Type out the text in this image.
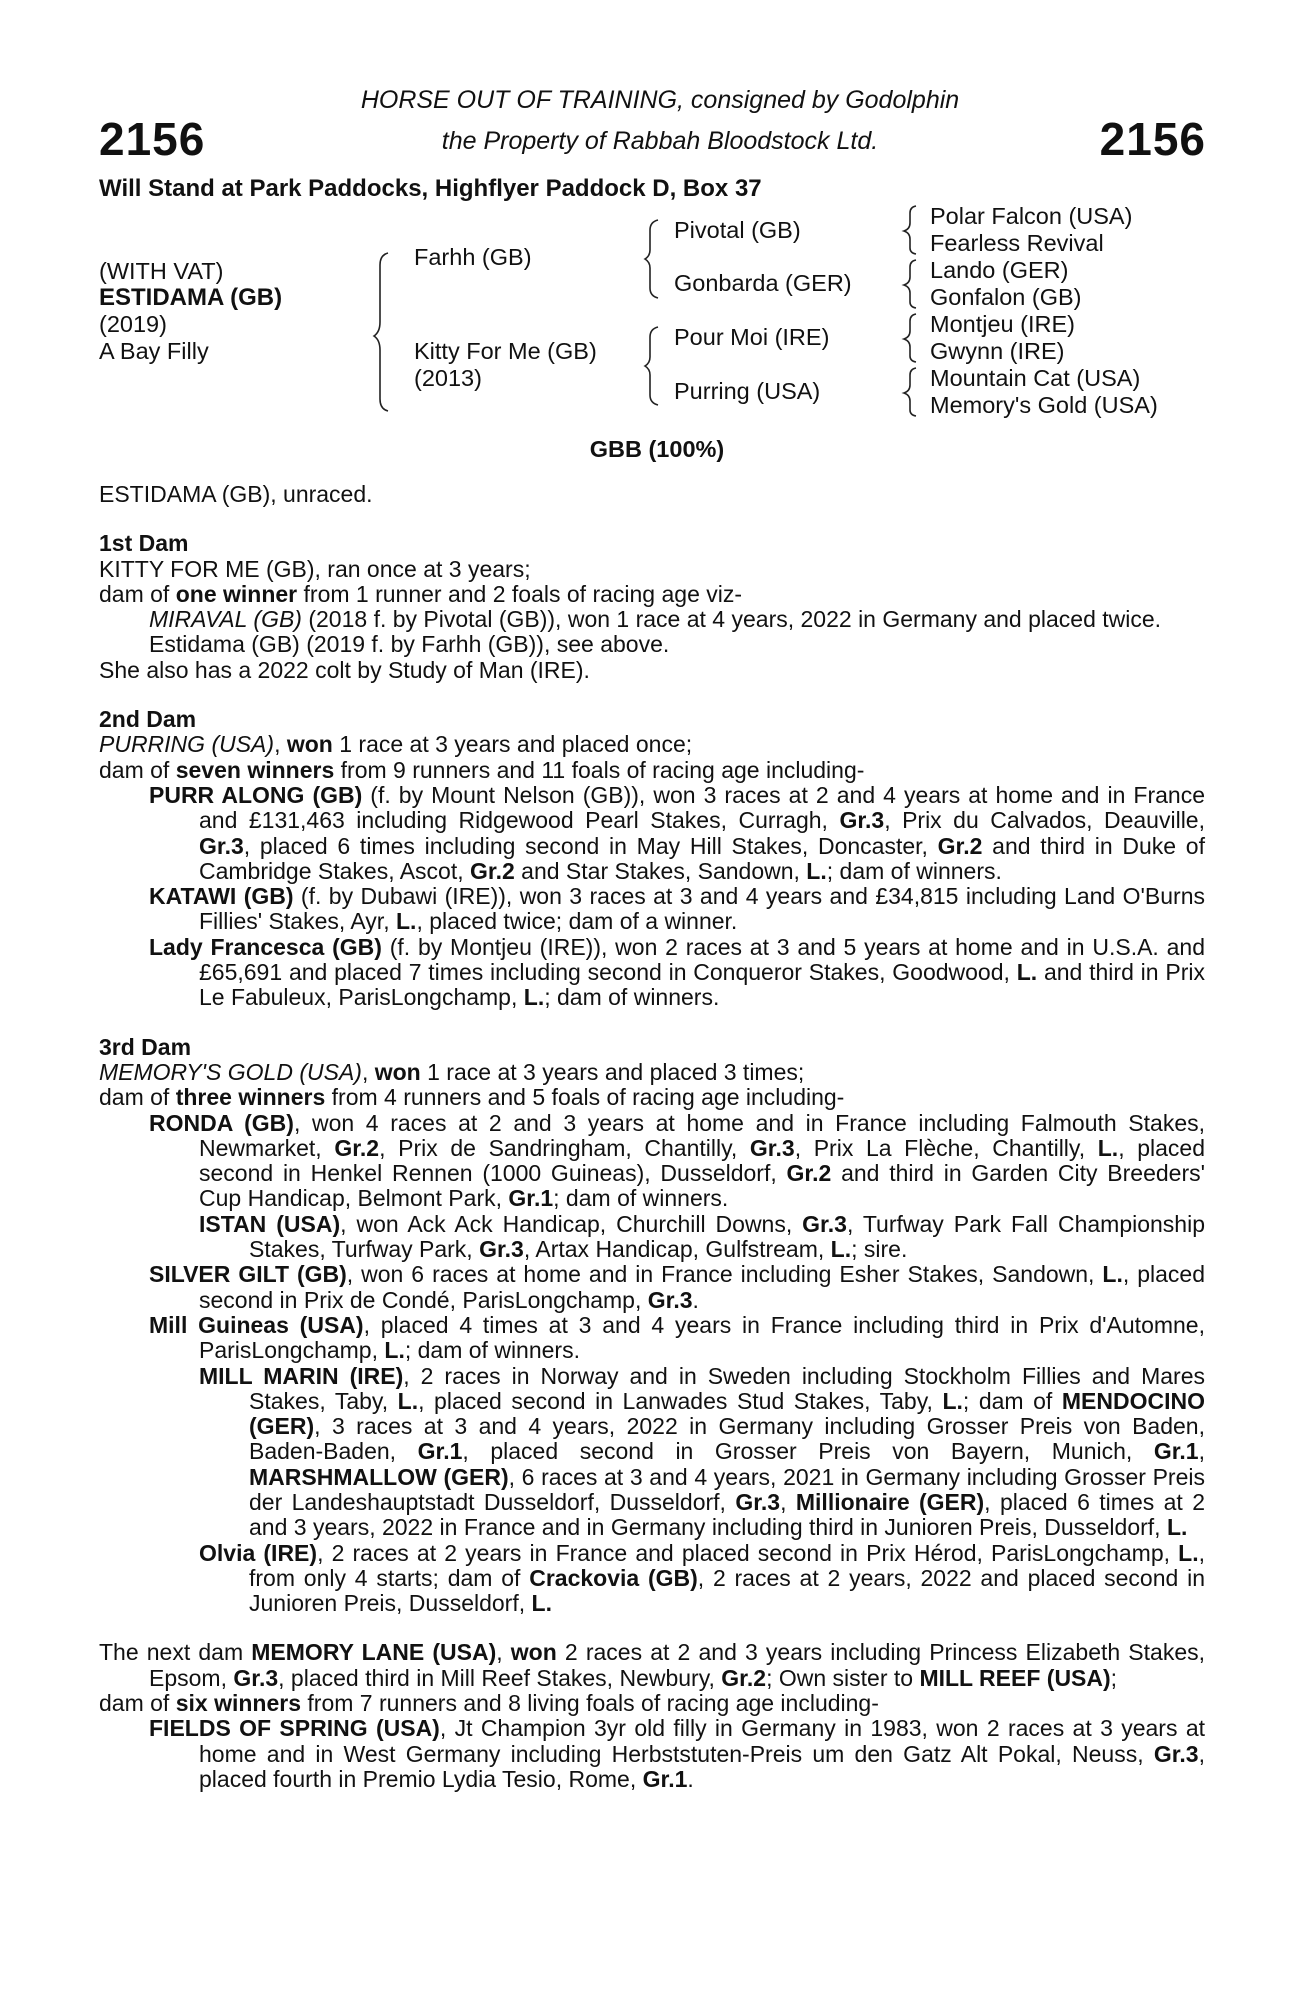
2156	2156
HORSE OUT OF TRAINING, consigned by Godolphin
the Property of Rabbah Bloodstock Ltd.
Will Stand at Park Paddocks, Highflyer Paddock D, Box 37
(WITH VAT)
ESTIDAMA (GB)
(2019)
A Bay Filly
Farhh (GB)
Kitty For Me (GB)
(2013)
Pivotal (GB)
Gonbarda (GER)
Pour Moi (IRE)
Purring (USA)
Polar Falcon (USA)
Fearless Revival
Lando (GER)
Gonfalon (GB)
Montjeu (IRE)
Gwynn (IRE)
Mountain Cat (USA)
Memory's Gold (USA)
GBB (100%)

ESTIDAMA (GB), unraced.

1st Dam

KITTY FOR ME (GB), ran once at 3 years;

dam of one winner from 1 runner and 2 foals of racing age viz-

MIRAVAL (GB) (2018 f. by Pivotal (GB)), won 1 race at 4 years, 2022 in Germany and placed twice.

Estidama (GB) (2019 f. by Farhh (GB)), see above.

She also has a 2022 colt by Study of Man (IRE).

2nd Dam

PURRING (USA), won 1 race at 3 years and placed once;

dam of seven winners from 9 runners and 11 foals of racing age including-

PURR ALONG (GB) (f. by Mount Nelson (GB)), won 3 races at 2 and 4 years at home and in France and £131,463 including Ridgewood Pearl Stakes, Curragh, Gr.3, Prix du Calvados, Deauville, Gr.3, placed 6 times including second in May Hill Stakes, Doncaster, Gr.2 and third in Duke of Cambridge Stakes, Ascot, Gr.2 and Star Stakes, Sandown, L.; dam of winners.

KATAWI (GB) (f. by Dubawi (IRE)), won 3 races at 3 and 4 years and £34,815 including Land O'Burns Fillies' Stakes, Ayr, L., placed twice; dam of a winner.

Lady Francesca (GB) (f. by Montjeu (IRE)), won 2 races at 3 and 5 years at home and in U.S.A. and £65,691 and placed 7 times including second in Conqueror Stakes, Goodwood, L. and third in Prix Le Fabuleux, ParisLongchamp, L.; dam of winners.

3rd Dam

MEMORY'S GOLD (USA), won 1 race at 3 years and placed 3 times;

dam of three winners from 4 runners and 5 foals of racing age including-

RONDA (GB), won 4 races at 2 and 3 years at home and in France including Falmouth Stakes, Newmarket, Gr.2, Prix de Sandringham, Chantilly, Gr.3, Prix La Flèche, Chantilly, L., placed second in Henkel Rennen (1000 Guineas), Dusseldorf, Gr.2 and third in Garden City Breeders' Cup Handicap, Belmont Park, Gr.1; dam of winners.

ISTAN (USA), won Ack Ack Handicap, Churchill Downs, Gr.3, Turfway Park Fall Championship Stakes, Turfway Park, Gr.3, Artax Handicap, Gulfstream, L.; sire.

SILVER GILT (GB), won 6 races at home and in France including Esher Stakes, Sandown, L., placed second in Prix de Condé, ParisLongchamp, Gr.3.

Mill Guineas (USA), placed 4 times at 3 and 4 years in France including third in Prix d'Automne, ParisLongchamp, L.; dam of winners.

MILL MARIN (IRE), 2 races in Norway and in Sweden including Stockholm Fillies and Mares Stakes, Taby, L., placed second in Lanwades Stud Stakes, Taby, L.; dam of MENDOCINO (GER), 3 races at 3 and 4 years, 2022 in Germany including Grosser Preis von Baden, Baden-Baden, Gr.1, placed second in Grosser Preis von Bayern, Munich, Gr.1, MARSHMALLOW (GER), 6 races at 3 and 4 years, 2021 in Germany including Grosser Preis der Landeshauptstadt Dusseldorf, Dusseldorf, Gr.3, Millionaire (GER), placed 6 times at 2 and 3 years, 2022 in France and in Germany including third in Junioren Preis, Dusseldorf, L.

Olvia (IRE), 2 races at 2 years in France and placed second in Prix Hérod, ParisLongchamp, L., from only 4 starts; dam of Crackovia (GB), 2 races at 2 years, 2022 and placed second in Junioren Preis, Dusseldorf, L.

The next dam MEMORY LANE (USA), won 2 races at 2 and 3 years including Princess Elizabeth Stakes, Epsom, Gr.3, placed third in Mill Reef Stakes, Newbury, Gr.2; Own sister to MILL REEF (USA);

dam of six winners from 7 runners and 8 living foals of racing age including-

FIELDS OF SPRING (USA), Jt Champion 3yr old filly in Germany in 1983, won 2 races at 3 years at home and in West Germany including Herbststuten-Preis um den Gatz Alt Pokal, Neuss, Gr.3, placed fourth in Premio Lydia Tesio, Rome, Gr.1.
